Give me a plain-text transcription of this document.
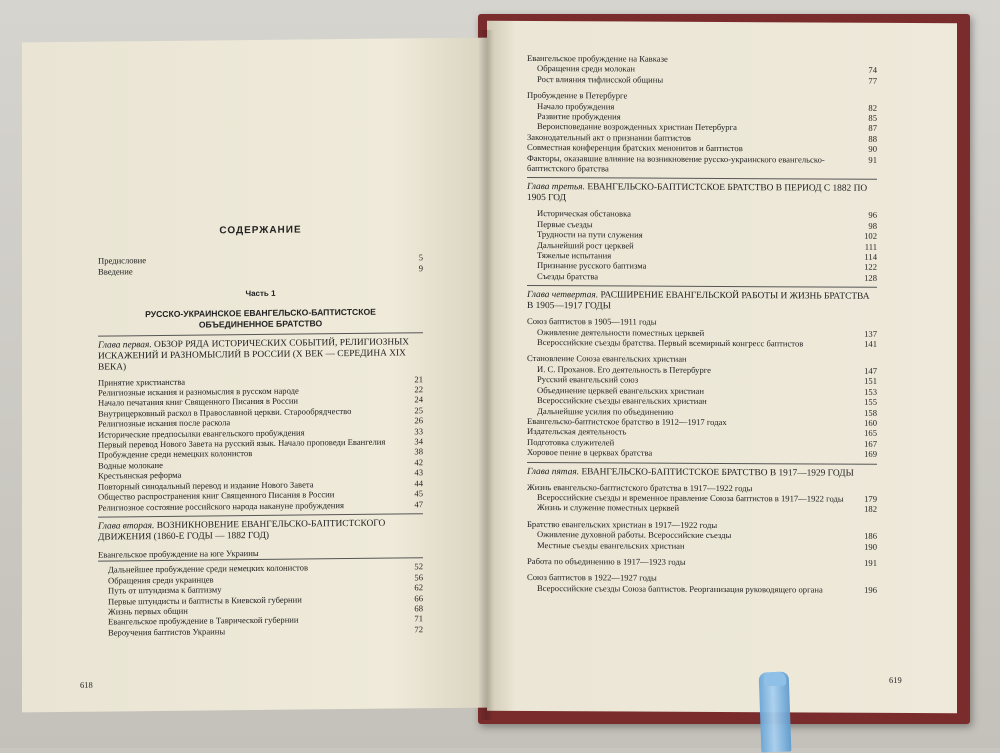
СОДЕРЖАНИЕ
Предисловие	5
Введение	9
Часть 1
РУССКО-УКРАИНСКОЕ ЕВАНГЕЛЬСКО-БАПТИСТСКОЕ
ОБЪЕДИНЕННОЕ БРАТСТВО
Глава первая. ОБЗОР РЯДА ИСТОРИЧЕСКИХ СОБЫТИЙ, РЕЛИГИОЗНЫХ ИСКАЖЕНИЙ И РАЗНОМЫСЛИЙ В РОССИИ (X ВЕК — СЕРЕДИНА XIX ВЕКА)
Принятие христианства	21
Религиозные искания и разномыслия в русском народе	22
Начало печатания книг Священного Писания в России	24
Внутрицерковный раскол в Православной церкви. Старообрядчество	25
Религиозные искания после раскола	26
Исторические предпосылки евангельского пробуждения	33
Первый перевод Нового Завета на русский язык. Начало проповеди Евангелия	34
Пробуждение среди немецких колонистов	38
Водные молокане	42
Крестьянская реформа	43
Повторный синодальный перевод и издание Нового Завета	44
Общество распространения книг Священного Писания в России	45
Религиозное состояние российского народа накануне пробуждения	47
Глава вторая. ВОЗНИКНОВЕНИЕ ЕВАНГЕЛЬСКО-БАПТИСТСКОГО ДВИЖЕНИЯ (1860-Е ГОДЫ — 1882 ГОД)
Евангельское пробуждение на юге Украины
Дальнейшее пробуждение среди немецких колонистов	52
Обращения среди украинцев	56
Путь от штундизма к баптизму	62
Первые штундисты и баптисты в Киевской губернии	66
Жизнь первых общин	68
Евангельское пробуждение в Таврической губернии	71
Вероучения баптистов Украины	72
618
Евангельское пробуждение на Кавказе
Обращения среди молокан	74
Рост влияния тифлисской общины	77
Пробуждение в Петербурге
Начало пробуждения	82
Развитие пробуждения	85
Вероисповедание возрожденных христиан Петербурга	87
Законодательный акт о признании баптистов	88
Совместная конференция братских менонитов и баптистов	90
Факторы, оказавшие влияние на возникновение русско-украинского евангельско-баптистского братства
91
Глава третья. ЕВАНГЕЛЬСКО-БАПТИСТСКОЕ БРАТСТВО В ПЕРИОД С 1882 ПО 1905 ГОД
Историческая обстановка	96
Первые съезды	98
Трудности на пути служения	102
Дальнейший рост церквей	111
Тяжелые испытания	114
Признание русского баптизма	122
Съезды братства	128
Глава четвертая. РАСШИРЕНИЕ ЕВАНГЕЛЬСКОЙ РАБОТЫ И ЖИЗНЬ БРАТСТВА В 1905—1917 ГОДЫ
Союз баптистов в 1905—1911 годы
Оживление деятельности поместных церквей	137
Всероссийские съезды братства. Первый всемирный конгресс баптистов	141
Становление Союза евангельских христиан
И. С. Проханов. Его деятельность в Петербурге	147
Русский евангельский союз	151
Объединение церквей евангельских христиан	153
Всероссийские съезды евангельских христиан	155
Дальнейшие усилия по объединению	158
Евангельско-баптистское братство в 1912—1917 годах	160
Издательская деятельность	165
Подготовка служителей	167
Хоровое пение в церквах братства	169
Глава пятая. ЕВАНГЕЛЬСКО-БАПТИСТСКОЕ БРАТСТВО В 1917—1929 ГОДЫ
Жизнь евангельско-баптистского братства в 1917—1922 годы
Всероссийские съезды и временное правление Союза баптистов в 1917—1922 годы 179
Жизнь и служение поместных церквей	182
Братство евангельских христиан в 1917—1922 годы
Оживление духовной работы. Всероссийские съезды	186
Местные съезды евангельских христиан	190
Работа по объединению в 1917—1923 годы	191
Союз баптистов в 1922—1927 годы
Всероссийские съезды Союза баптистов. Реорганизация руководящего органа	196
619
